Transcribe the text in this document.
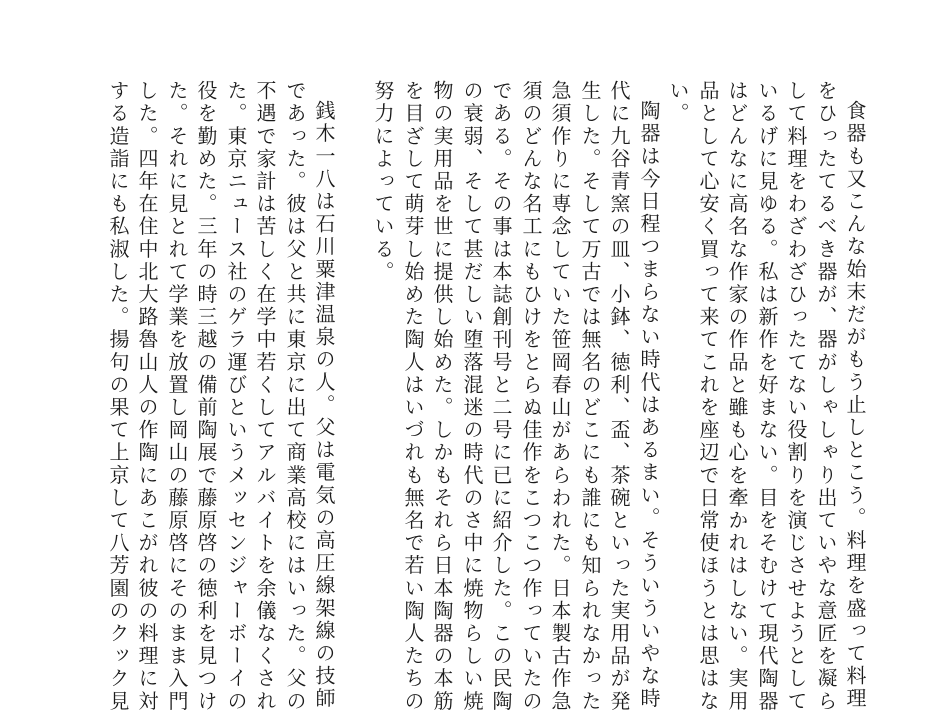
食器も又こんな始末だがもう止しとこう。料理を盛って料理
をひったてるべき器が、器がしゃしゃり出ていやな意匠を凝ら
して料理をわざわざひったてない役割りを演じさせようとして
いるげに見ゆる。私は新作を好まない。目をそむけて現代陶器
はどんなに高名な作家の作品と雖も心を牽かれはしない。実用
品として心安く買って来てこれを座辺で日常使ほうとは思はな
い。
陶器は今日程つまらない時代はあるまい。そういういやな時
代に九谷青窯の皿、小鉢、徳利、盃、茶碗といった実用品が発
生した。そして万古では無名のどこにも誰にも知られなかった
急須作りに専念していた笹岡春山があらわれた。日本製古作急
須のどんな名工にもひけをとらぬ佳作をこつこつ作っていたの
である。その事は本誌創刊号と二号に已に紹介した。この民陶
の衰弱、そして甚だしい堕落混迷の時代のさ中に焼物らしい焼
物の実用品を世に提供し始めた。しかもそれら日本陶器の本筋
を目ざして萌芽し始めた陶人はいづれも無名で若い陶人たちの
努力によっている。
銭木一八は石川粟津温泉の人。父は電気の高圧線架線の技師
であった。彼は父と共に東京に出て商業高校にはいった。父の
不遇で家計は苦しく在学中若くしてアルバイトを余儀なくされ
た。東京ニュース社のゲラ運びというメッセンジャーボーイの
役を勤めた。三年の時三越の備前陶展で藤原啓の徳利を見つけ
た。それに見とれて学業を放置し岡山の藤原啓にそのまま入門
した。四年在住中北大路魯山人の作陶にあこがれ彼の料理に対
する造詣にも私淑した。揚句の果て上京して八芳園のクック見
